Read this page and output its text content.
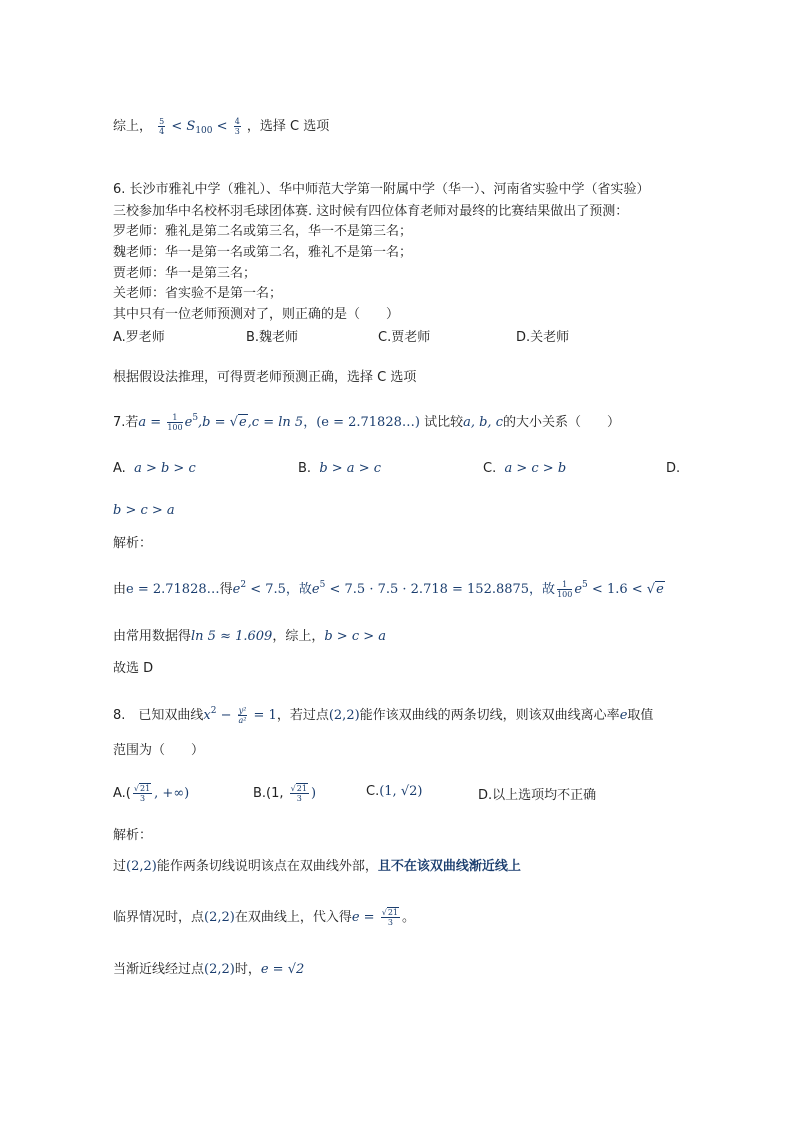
综上， $\frac{5}{4} < S_{100} < \frac{4}{3}$ ，选择 C 选项
6. 长沙市雅礼中学（雅礼）、华中师范大学第一附属中学（华一）、河南省实验中学（省实验）
三校参加华中名校杯羽毛球团体赛. 这时候有四位体育老师对最终的比赛结果做出了预测：
罗老师：雅礼是第二名或第三名，华一不是第三名；
魏老师：华一是第一名或第二名，雅礼不是第一名；
贾老师：华一是第三名；
关老师：省实验不是第一名；
其中只有一位老师预测对了，则正确的是（　　）
A.罗老师	B.魏老师	C.贾老师	D.关老师
根据假设法推理，可得贾老师预测正确，选择 C 选项
7.若$a = \frac{1}{100} e^5,b = √e,c = \ln 5$，(e = 2.71828…) 试比较a, b, c的大小关系（　　）
A. a > b > c	B. b > a > c	C. a > c > b	D.
b > c > a
解析：
由e = 2.71828…得$e^2 < 7.5$，故$e^5 < 7.5 \cdot 7.5 \cdot 2.718 = 152.8875$，故 $\frac{1}{100} e^5 < 1.6 < √e$
由常用数据得ln 5 ≈ 1.609，综上，b > c > a
故选 D
8.　已知双曲线$x^2 - \frac{\text{y²}}{\text{a²}} = 1$，若过点(2,2)能作该双曲线的两条切线，则该双曲线离心率e取值
范围为（　　）
$A.( \frac{√21}{3}$ , +∞)	B.(1, $\frac{√21}{3}$ )	C.(1, √2)	D.以上选项均不正确
解析：
过(2,2)能作两条切线说明该点在双曲线外部，且不在该双曲线渐近线上
临界情况时，点(2,2)在双曲线上，代入得$e = \frac{√21}{3}$ 。
当渐近线经过点(2,2)时，e = √2
